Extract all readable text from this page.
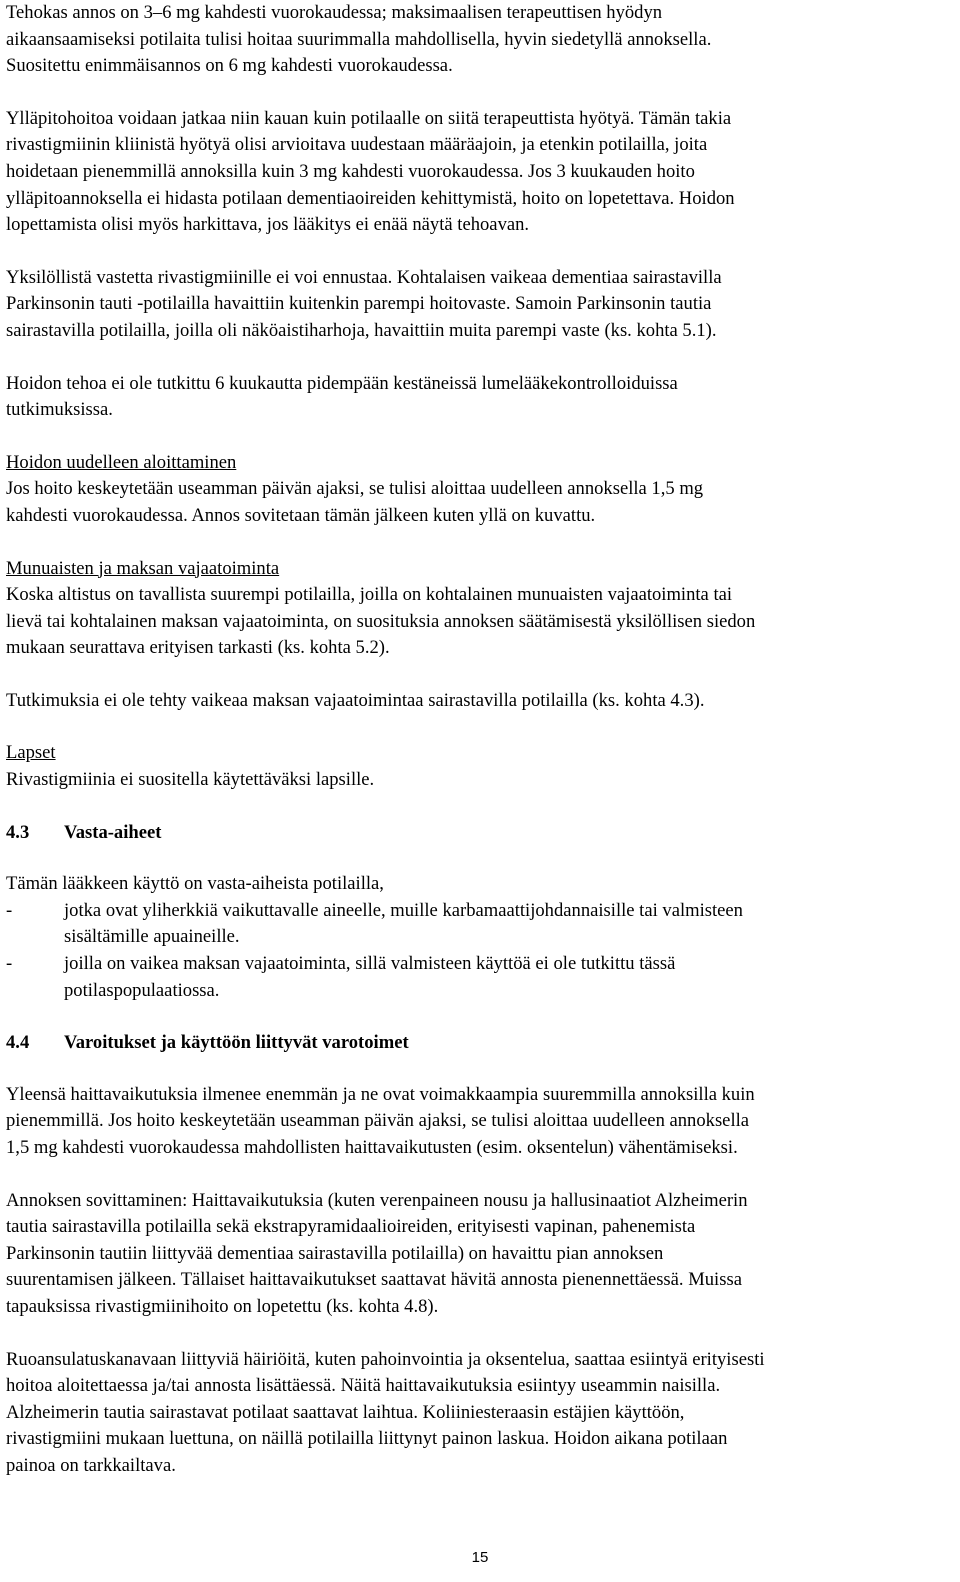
Tehokas annos on 3–6 mg kahdesti vuorokaudessa; maksimaalisen terapeuttisen hyödyn
aikaansaamiseksi potilaita tulisi hoitaa suurimmalla mahdollisella, hyvin siedetyllä annoksella.
Suositettu enimmäisannos on 6 mg kahdesti vuorokaudessa.

Ylläpitohoitoa voidaan jatkaa niin kauan kuin potilaalle on siitä terapeuttista hyötyä. Tämän takia
rivastigmiinin kliinistä hyötyä olisi arvioitava uudestaan määräajoin, ja etenkin potilailla, joita
hoidetaan pienemmillä annoksilla kuin 3 mg kahdesti vuorokaudessa. Jos 3 kuukauden hoito
ylläpitoannoksella ei hidasta potilaan dementiaoireiden kehittymistä, hoito on lopetettava. Hoidon
lopettamista olisi myös harkittava, jos lääkitys ei enää näytä tehoavan.

Yksilöllistä vastetta rivastigmiinille ei voi ennustaa. Kohtalaisen vaikeaa dementiaa sairastavilla
Parkinsonin tauti -potilailla havaittiin kuitenkin parempi hoitovaste. Samoin Parkinsonin tautia
sairastavilla potilailla, joilla oli näköaistiharhoja, havaittiin muita parempi vaste (ks. kohta 5.1).

Hoidon tehoa ei ole tutkittu 6 kuukautta pidempään kestäneissä lumelääkekontrolloiduissa
tutkimuksissa.

Hoidon uudelleen aloittaminen

Jos hoito keskeytetään useamman päivän ajaksi, se tulisi aloittaa uudelleen annoksella 1,5 mg
kahdesti vuorokaudessa. Annos sovitetaan tämän jälkeen kuten yllä on kuvattu.

Munuaisten ja maksan vajaatoiminta

Koska altistus on tavallista suurempi potilailla, joilla on kohtalainen munuaisten vajaatoiminta tai
lievä tai kohtalainen maksan vajaatoiminta, on suosituksia annoksen säätämisestä yksilöllisen siedon
mukaan seurattava erityisen tarkasti (ks. kohta 5.2).

Tutkimuksia ei ole tehty vaikeaa maksan vajaatoimintaa sairastavilla potilailla (ks. kohta 4.3).

Lapset

Rivastigmiinia ei suositella käytettäväksi lapsille.

4.3	Vasta-aiheet

Tämän lääkkeen käyttö on vasta-aiheista potilailla,

-	jotka ovat yliherkkiä vaikuttavalle aineelle, muille karbamaattijohdannaisille tai valmisteen
sisältämille apuaineille.
-	joilla on vaikea maksan vajaatoiminta, sillä valmisteen käyttöä ei ole tutkittu tässä
potilaspopulaatiossa.
4.4	Varoitukset ja käyttöön liittyvät varotoimet

Yleensä haittavaikutuksia ilmenee enemmän ja ne ovat voimakkaampia suuremmilla annoksilla kuin
pienemmillä. Jos hoito keskeytetään useamman päivän ajaksi, se tulisi aloittaa uudelleen annoksella
1,5 mg kahdesti vuorokaudessa mahdollisten haittavaikutusten (esim. oksentelun) vähentämiseksi.

Annoksen sovittaminen: Haittavaikutuksia (kuten verenpaineen nousu ja hallusinaatiot Alzheimerin
tautia sairastavilla potilailla sekä ekstrapyramidaalioireiden, erityisesti vapinan, pahenemista
Parkinsonin tautiin liittyvää dementiaa sairastavilla potilailla) on havaittu pian annoksen
suurentamisen jälkeen. Tällaiset haittavaikutukset saattavat hävitä annosta pienennettäessä. Muissa
tapauksissa rivastigmiinihoito on lopetettu (ks. kohta 4.8).

Ruoansulatuskanavaan liittyviä häiriöitä, kuten pahoinvointia ja oksentelua, saattaa esiintyä erityisesti
hoitoa aloitettaessa ja/tai annosta lisättäessä. Näitä haittavaikutuksia esiintyy useammin naisilla.
Alzheimerin tautia sairastavat potilaat saattavat laihtua. Koliiniesteraasin estäjien käyttöön,
rivastigmiini mukaan luettuna, on näillä potilailla liittynyt painon laskua. Hoidon aikana potilaan
painoa on tarkkailtava.

15
